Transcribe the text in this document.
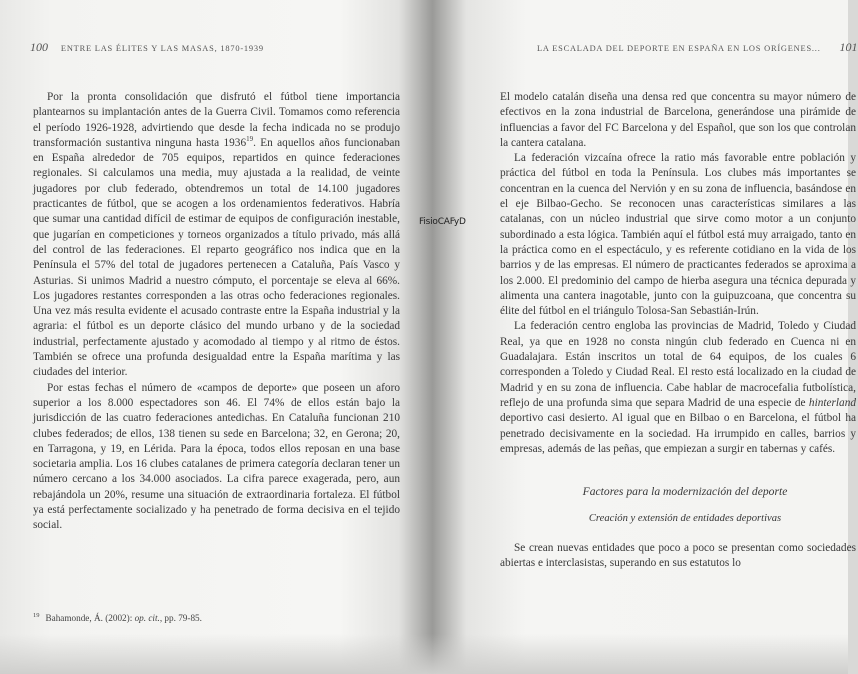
100 ENTRE LAS ÉLITES Y LAS MASAS, 1870-1939

Por la pronta consolidación que disfrutó el fútbol tiene importancia plantearnos su implantación antes de la Guerra Civil. Tomamos como referencia el período 1926-1928, advirtiendo que desde la fecha indicada no se produjo transformación sustantiva ninguna hasta 1936$^{19}$. En aquellos años funcionaban en España alrededor de 705 equipos, repartidos en quince federaciones regionales. Si calculamos una media, muy ajustada a la realidad, de veinte jugadores por club federado, obtendremos un total de 14.100 jugadores practicantes de fútbol, que se acogen a los ordenamientos federativos. Habría que sumar una cantidad difícil de estimar de equipos de configuración inestable, que jugarían en competiciones y torneos organizados a título privado, más allá del control de las federaciones. El reparto geográfico nos indica que en la Península el 57% del total de jugadores pertenecen a Cataluña, País Vasco y Asturias. Si unimos Madrid a nuestro cómputo, el porcentaje se eleva al 66%. Los jugadores restantes corresponden a las otras ocho federaciones regionales. Una vez más resulta evidente el acusado contraste entre la España industrial y la agraria: el fútbol es un deporte clásico del mundo urbano y de la sociedad industrial, perfectamente ajustado y acomodado al tiempo y al ritmo de éstos. También se ofrece una profunda desigualdad entre la España marítima y las ciudades del interior.

Por estas fechas el número de «campos de deporte» que poseen un aforo superior a los 8.000 espectadores son 46. El 74% de ellos están bajo la jurisdicción de las cuatro federaciones antedichas. En Cataluña funcionan 210 clubes federados; de ellos, 138 tienen su sede en Barcelona; 32, en Gerona; 20, en Tarragona, y 19, en Lérida. Para la época, todos ellos reposan en una base societaria amplia. Los 16 clubes catalanes de primera categoría declaran tener un número cercano a los 34.000 asociados. La cifra parece exagerada, pero, aun rebajándola un 20%, resume una situación de extraordinaria fortaleza. El fútbol ya está perfectamente socializado y ha penetrado de forma decisiva en el tejido social.

$^{19}$ Bahamonde, Á. (2002): op. cit., pp. 79-85.
FisioCAFyD
LA ESCALADA DEL DEPORTE EN ESPAÑA EN LOS ORÍGENES... 101

El modelo catalán diseña una densa red que concentra su mayor número de efectivos en la zona industrial de Barcelona, generándose una pirámide de influencias a favor del FC Barcelona y del Español, que son los que controlan la cantera catalana.

La federación vizcaína ofrece la ratio más favorable entre población y práctica del fútbol en toda la Península. Los clubes más importantes se concentran en la cuenca del Nervión y en su zona de influencia, basándose en el eje Bilbao-Gecho. Se reconocen unas características similares a las catalanas, con un núcleo industrial que sirve como motor a un conjunto subordinado a esta lógica. También aquí el fútbol está muy arraigado, tanto en la práctica como en el espectáculo, y es referente cotidiano en la vida de los barrios y de las empresas. El número de practicantes federados se aproxima a los 2.000. El predominio del campo de hierba asegura una técnica depurada y alimenta una cantera inagotable, junto con la guipuzcoana, que concentra su élite del fútbol en el triángulo Tolosa-San Sebastián-Irún.

La federación centro engloba las provincias de Madrid, Toledo y Ciudad Real, ya que en 1928 no consta ningún club federado en Cuenca ni en Guadalajara. Están inscritos un total de 64 equipos, de los cuales 6 corresponden a Toledo y Ciudad Real. El resto está localizado en la ciudad de Madrid y en su zona de influencia. Cabe hablar de macrocefalia futbolística, reflejo de una profunda sima que separa Madrid de una especie de hinterland deportivo casi desierto. Al igual que en Bilbao o en Barcelona, el fútbol ha penetrado decisivamente en la sociedad. Ha irrumpido en calles, barrios y empresas, además de las peñas, que empiezan a surgir en tabernas y cafés.

Factores para la modernización del deporte

Creación y extensión de entidades deportivas

Se crean nuevas entidades que poco a poco se presentan como sociedades abiertas e interclasistas, superando en sus estatutos lo
